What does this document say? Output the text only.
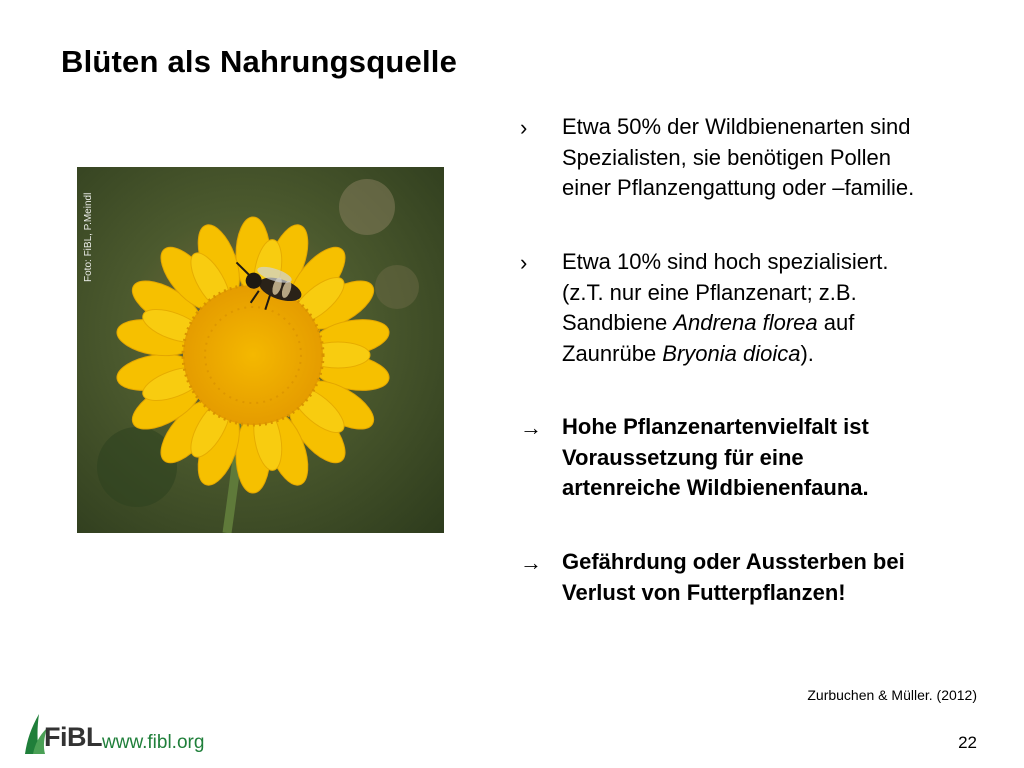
Blüten als Nahrungsquelle
Foto: FiBL, P.Meindl
›	Etwa 50% der Wildbienenarten sind
Spezialisten, sie benötigen Pollen
einer Pflanzengattung oder –familie.
›	Etwa 10% sind hoch spezialisiert.
(z.T. nur eine Pflanzenart; z.B.
Sandbiene Andrena florea auf
Zaunrübe Bryonia dioica).
→ Hohe Pflanzenartenvielfalt ist
Voraussetzung für eine
artenreiche Wildbienenfauna.
→ Gefährdung oder Aussterben bei
Verlust von Futterpflanzen!
Zurbuchen & Müller. (2012)
FiBL www.fibl.org	22
